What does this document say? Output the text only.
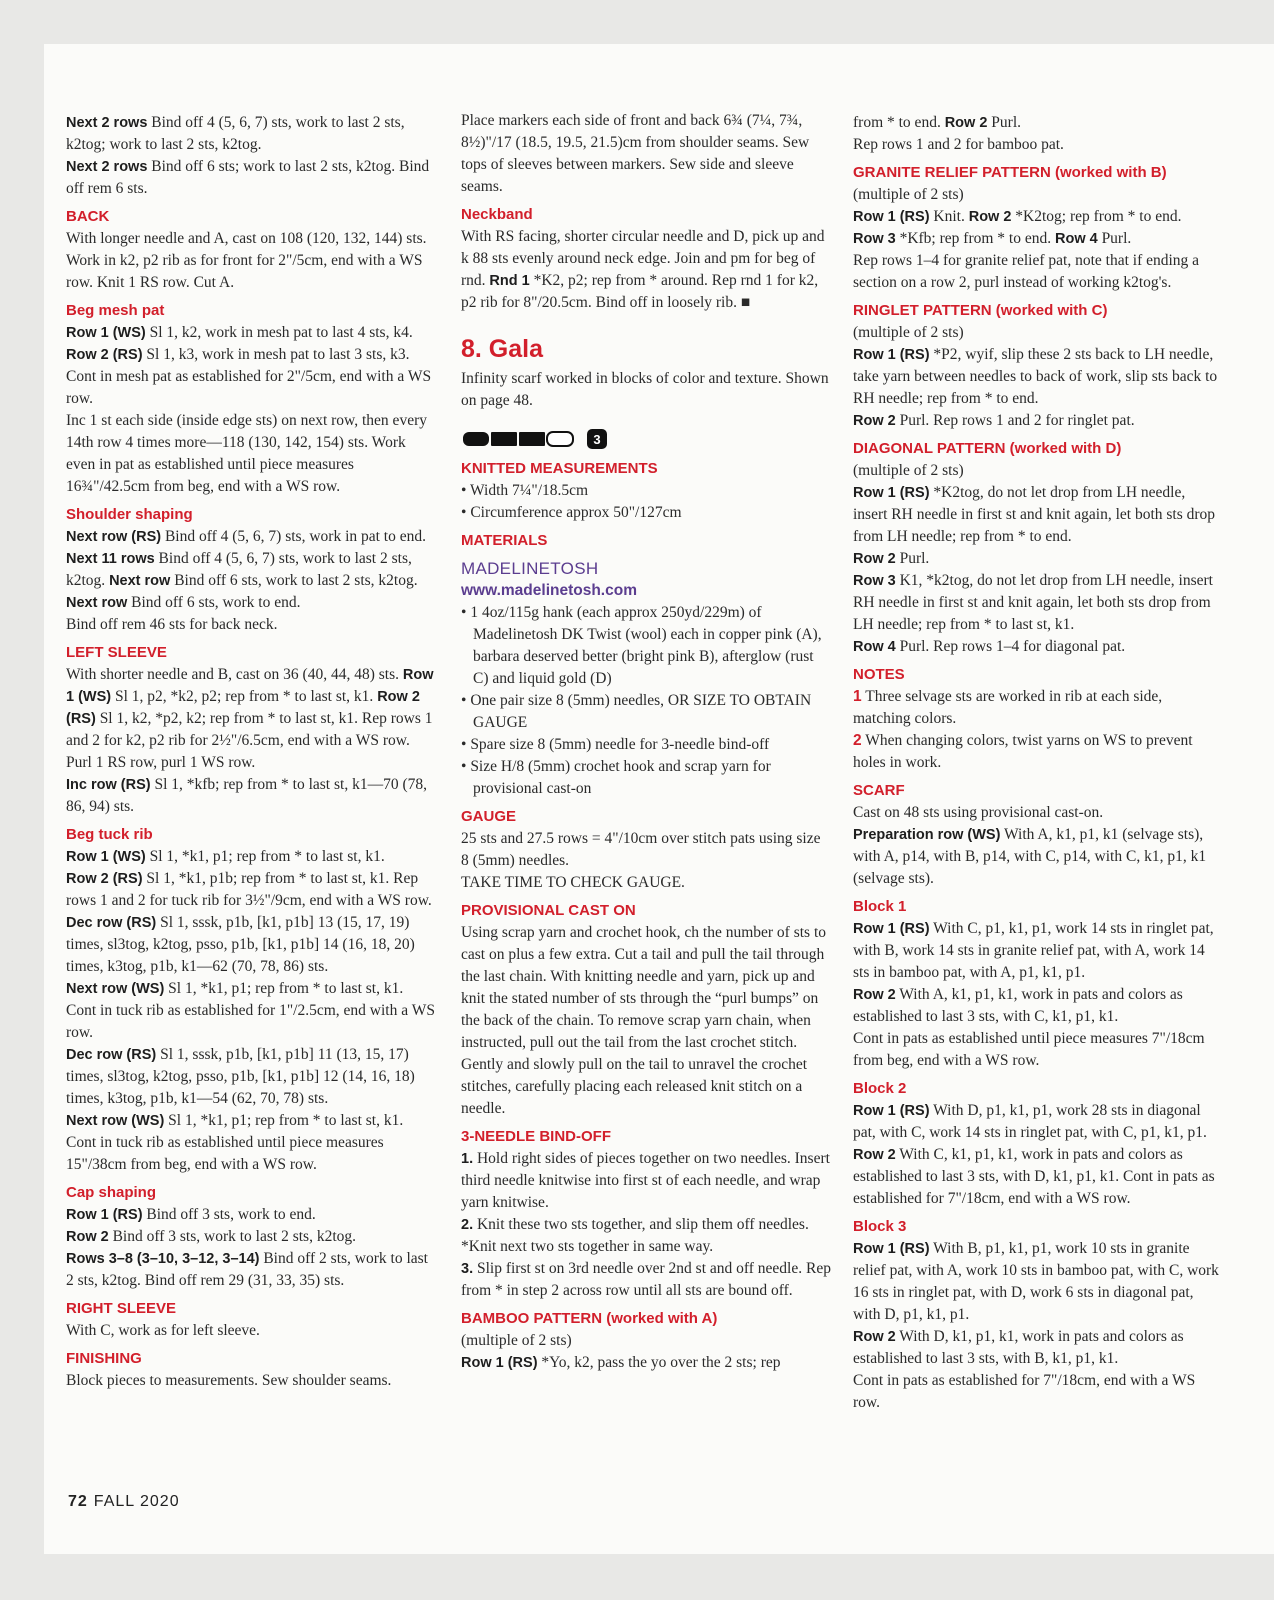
Next 2 rows Bind off 4 (5, 6, 7) sts, work to last 2 sts, k2tog; work to last 2 sts, k2tog.

Next 2 rows Bind off 6 sts; work to last 2 sts, k2tog. Bind off rem 6 sts.

BACK

With longer needle and A, cast on 108 (120, 132, 144) sts. Work in k2, p2 rib as for front for 2"/5cm, end with a WS row. Knit 1 RS row. Cut A.

Beg mesh pat

Row 1 (WS) Sl 1, k2, work in mesh pat to last 4 sts, k4. Row 2 (RS) Sl 1, k3, work in mesh pat to last 3 sts, k3. Cont in mesh pat as established for 2"/5cm, end with a WS row.

Inc 1 st each side (inside edge sts) on next row, then every 14th row 4 times more—118 (130, 142, 154) sts. Work even in pat as established until piece measures 16¾"/42.5cm from beg, end with a WS row.

Shoulder shaping

Next row (RS) Bind off 4 (5, 6, 7) sts, work in pat to end. Next 11 rows Bind off 4 (5, 6, 7) sts, work to last 2 sts, k2tog. Next row Bind off 6 sts, work to last 2 sts, k2tog.

Next row Bind off 6 sts, work to end.

Bind off rem 46 sts for back neck.

LEFT SLEEVE

With shorter needle and B, cast on 36 (40, 44, 48) sts. Row 1 (WS) Sl 1, p2, *k2, p2; rep from * to last st, k1. Row 2 (RS) Sl 1, k2, *p2, k2; rep from * to last st, k1. Rep rows 1 and 2 for k2, p2 rib for 2½"/6.5cm, end with a WS row.

Purl 1 RS row, purl 1 WS row.

Inc row (RS) Sl 1, *kfb; rep from * to last st, k1—70 (78, 86, 94) sts.

Beg tuck rib

Row 1 (WS) Sl 1, *k1, p1; rep from * to last st, k1.

Row 2 (RS) Sl 1, *k1, p1b; rep from * to last st, k1. Rep rows 1 and 2 for tuck rib for 3½"/9cm, end with a WS row.

Dec row (RS) Sl 1, sssk, p1b, [k1, p1b] 13 (15, 17, 19) times, sl3tog, k2tog, psso, p1b, [k1, p1b] 14 (16, 18, 20) times, k3tog, p1b, k1—62 (70, 78, 86) sts.

Next row (WS) Sl 1, *k1, p1; rep from * to last st, k1. Cont in tuck rib as established for 1"/2.5cm, end with a WS row.

Dec row (RS) Sl 1, sssk, p1b, [k1, p1b] 11 (13, 15, 17) times, sl3tog, k2tog, psso, p1b, [k1, p1b] 12 (14, 16, 18) times, k3tog, p1b, k1—54 (62, 70, 78) sts.

Next row (WS) Sl 1, *k1, p1; rep from * to last st, k1. Cont in tuck rib as established until piece measures 15"/38cm from beg, end with a WS row.

Cap shaping

Row 1 (RS) Bind off 3 sts, work to end.

Row 2 Bind off 3 sts, work to last 2 sts, k2tog.

Rows 3–8 (3–10, 3–12, 3–14) Bind off 2 sts, work to last 2 sts, k2tog. Bind off rem 29 (31, 33, 35) sts.

RIGHT SLEEVE

With C, work as for left sleeve.

FINISHING

Block pieces to measurements. Sew shoulder seams.

Place markers each side of front and back 6¾ (7¼, 7¾, 8½)"/17 (18.5, 19.5, 21.5)cm from shoulder seams. Sew tops of sleeves between markers. Sew side and sleeve seams.

Neckband

With RS facing, shorter circular needle and D, pick up and k 88 sts evenly around neck edge. Join and pm for beg of rnd. Rnd 1 *K2, p2; rep from * around. Rep rnd 1 for k2, p2 rib for 8"/20.5cm. Bind off in loosely rib. ■

8. Gala

Infinity scarf worked in blocks of color and texture. Shown on page 48.

3
KNITTED MEASUREMENTS
• Width 7¼"/18.5cm
• Circumference approx 50"/127cm
MATERIALS
MADELINETOSH
www.madelinetosh.com
• 1 4oz/115g hank (each approx 250yd/229m) of Madelinetosh DK Twist (wool) each in copper pink (A), barbara deserved better (bright pink B), afterglow (rust C) and liquid gold (D)
• One pair size 8 (5mm) needles, OR SIZE TO OBTAIN GAUGE
• Spare size 8 (5mm) needle for 3-needle bind-off
• Size H/8 (5mm) crochet hook and scrap yarn for provisional cast-on
GAUGE

25 sts and 27.5 rows = 4"/10cm over stitch pats using size 8 (5mm) needles.

TAKE TIME TO CHECK GAUGE.

PROVISIONAL CAST ON

Using scrap yarn and crochet hook, ch the number of sts to cast on plus a few extra. Cut a tail and pull the tail through the last chain. With knitting needle and yarn, pick up and knit the stated number of sts through the “purl bumps” on the back of the chain. To remove scrap yarn chain, when instructed, pull out the tail from the last crochet stitch. Gently and slowly pull on the tail to unravel the crochet stitches, carefully placing each released knit stitch on a needle.

3-NEEDLE BIND-OFF

1. Hold right sides of pieces together on two needles. Insert third needle knitwise into first st of each needle, and wrap yarn knitwise.

2. Knit these two sts together, and slip them off needles. *Knit next two sts together in same way.

3. Slip first st on 3rd needle over 2nd st and off needle. Rep from * in step 2 across row until all sts are bound off.

BAMBOO PATTERN (worked with A)

(multiple of 2 sts)

Row 1 (RS) *Yo, k2, pass the yo over the 2 sts; rep

from * to end. Row 2 Purl.

Rep rows 1 and 2 for bamboo pat.

GRANITE RELIEF PATTERN (worked with B)

(multiple of 2 sts)

Row 1 (RS) Knit. Row 2 *K2tog; rep from * to end.

Row 3 *Kfb; rep from * to end. Row 4 Purl.

Rep rows 1–4 for granite relief pat, note that if ending a section on a row 2, purl instead of working k2tog's.

RINGLET PATTERN (worked with C)

(multiple of 2 sts)

Row 1 (RS) *P2, wyif, slip these 2 sts back to LH needle, take yarn between needles to back of work, slip sts back to RH needle; rep from * to end.

Row 2 Purl. Rep rows 1 and 2 for ringlet pat.

DIAGONAL PATTERN (worked with D)

(multiple of 2 sts)

Row 1 (RS) *K2tog, do not let drop from LH needle, insert RH needle in first st and knit again, let both sts drop from LH needle; rep from * to end.

Row 2 Purl.

Row 3 K1, *k2tog, do not let drop from LH needle, insert RH needle in first st and knit again, let both sts drop from LH needle; rep from * to last st, k1.

Row 4 Purl. Rep rows 1–4 for diagonal pat.

NOTES

1 Three selvage sts are worked in rib at each side, matching colors.

2 When changing colors, twist yarns on WS to prevent holes in work.

SCARF

Cast on 48 sts using provisional cast-on.

Preparation row (WS) With A, k1, p1, k1 (selvage sts), with A, p14, with B, p14, with C, p14, with C, k1, p1, k1 (selvage sts).

Block 1

Row 1 (RS) With C, p1, k1, p1, work 14 sts in ringlet pat, with B, work 14 sts in granite relief pat, with A, work 14 sts in bamboo pat, with A, p1, k1, p1.

Row 2 With A, k1, p1, k1, work in pats and colors as established to last 3 sts, with C, k1, p1, k1.

Cont in pats as established until piece measures 7"/18cm from beg, end with a WS row.

Block 2

Row 1 (RS) With D, p1, k1, p1, work 28 sts in diagonal pat, with C, work 14 sts in ringlet pat, with C, p1, k1, p1. Row 2 With C, k1, p1, k1, work in pats and colors as established to last 3 sts, with D, k1, p1, k1. Cont in pats as established for 7"/18cm, end with a WS row.

Block 3

Row 1 (RS) With B, p1, k1, p1, work 10 sts in granite relief pat, with A, work 10 sts in bamboo pat, with C, work 16 sts in ringlet pat, with D, work 6 sts in diagonal pat, with D, p1, k1, p1.

Row 2 With D, k1, p1, k1, work in pats and colors as established to last 3 sts, with B, k1, p1, k1.

Cont in pats as established for 7"/18cm, end with a WS row.

72 FALL 2020
